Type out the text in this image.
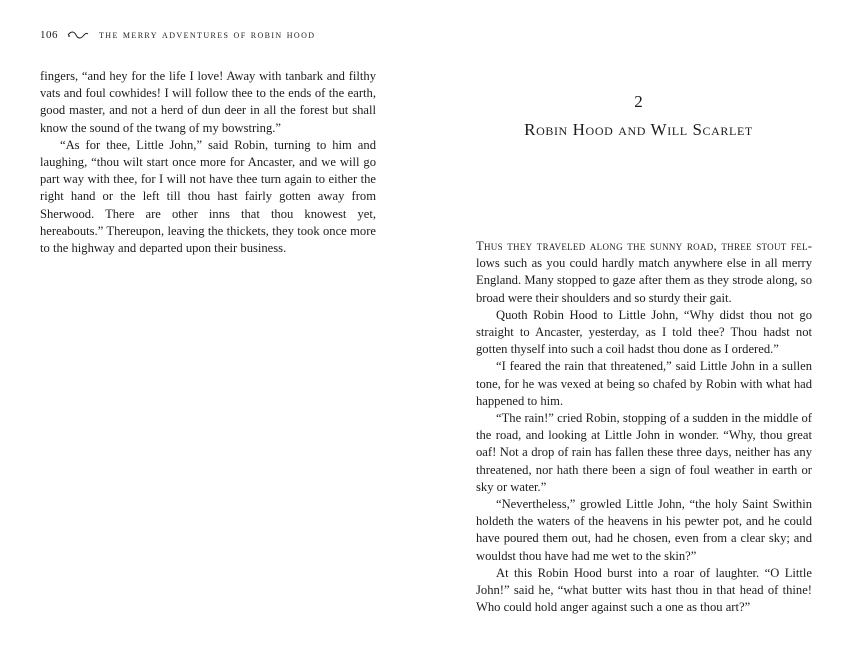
106	the merry adventures of robin hood

fingers, “and hey for the life I love! Away with tanbark and filthy vats and foul cowhides! I will follow thee to the ends of the earth, good master, and not a herd of dun deer in all the forest but shall know the sound of the twang of my bowstring.”

“As for thee, Little John,” said Robin, turning to him and laughing, “thou wilt start once more for Ancaster, and we will go part way with thee, for I will not have thee turn again to either the right hand or the left till thou hast fairly gotten away from Sherwood. There are other inns that thou knowest yet, hereabouts.” Thereupon, leaving the thickets, they took once more to the highway and departed upon their business.

2
Robin Hood and Will Scarlet

Thus they traveled along the sunny road, three stout fellows such as you could hardly match anywhere else in all merry England. Many stopped to gaze after them as they strode along, so broad were their shoulders and so sturdy their gait.

Quoth Robin Hood to Little John, “Why didst thou not go straight to Ancaster, yesterday, as I told thee? Thou hadst not gotten thyself into such a coil hadst thou done as I ordered.”

“I feared the rain that threatened,” said Little John in a sullen tone, for he was vexed at being so chafed by Robin with what had happened to him.

“The rain!” cried Robin, stopping of a sudden in the middle of the road, and looking at Little John in wonder. “Why, thou great oaf! Not a drop of rain has fallen these three days, neither has any threatened, nor hath there been a sign of foul weather in earth or sky or water.”

“Nevertheless,” growled Little John, “the holy Saint Swithin holdeth the waters of the heavens in his pewter pot, and he could have poured them out, had he chosen, even from a clear sky; and wouldst thou have had me wet to the skin?”

At this Robin Hood burst into a roar of laughter. “O Little John!” said he, “what butter wits hast thou in that head of thine! Who could hold anger against such a one as thou art?”
